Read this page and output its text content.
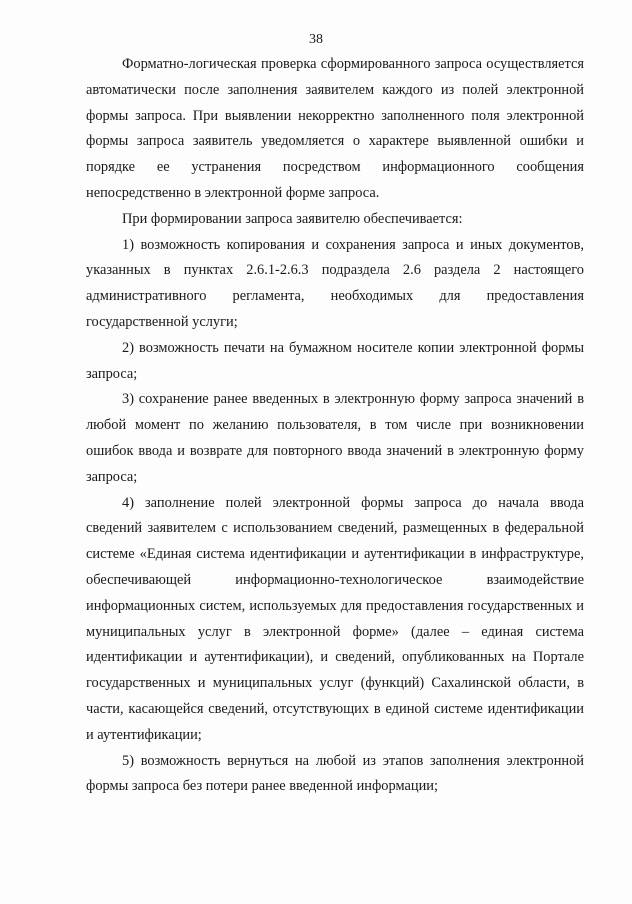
38

Форматно-логическая проверка сформированного запроса осуществляется автоматически после заполнения заявителем каждого из полей электронной формы запроса. При выявлении некорректно заполненного поля электронной формы запроса заявитель уведомляется о характере выявленной ошибки и порядке ее устранения посредством информационного сообщения непосредственно в электронной форме запроса.

При формировании запроса заявителю обеспечивается:

1) возможность копирования и сохранения запроса и иных документов, указанных в пунктах 2.6.1-2.6.3 подраздела 2.6 раздела 2 настоящего административного регламента, необходимых для предоставления государственной услуги;

2) возможность печати на бумажном носителе копии электронной формы запроса;

3) сохранение ранее введенных в электронную форму запроса значений в любой момент по желанию пользователя, в том числе при возникновении ошибок ввода и возврате для повторного ввода значений в электронную форму запроса;

4) заполнение полей электронной формы запроса до начала ввода сведений заявителем с использованием сведений, размещенных в федеральной системе «Единая система идентификации и аутентификации в инфраструктуре, обеспечивающей информационно-технологическое взаимодействие информационных систем, используемых для предоставления государственных и муниципальных услуг в электронной форме» (далее – единая система идентификации и аутентификации), и сведений, опубликованных на Портале государственных и муниципальных услуг (функций) Сахалинской области, в части, касающейся сведений, отсутствующих в единой системе идентификации и аутентификации;

5) возможность вернуться на любой из этапов заполнения электронной формы запроса без потери ранее введенной информации;
